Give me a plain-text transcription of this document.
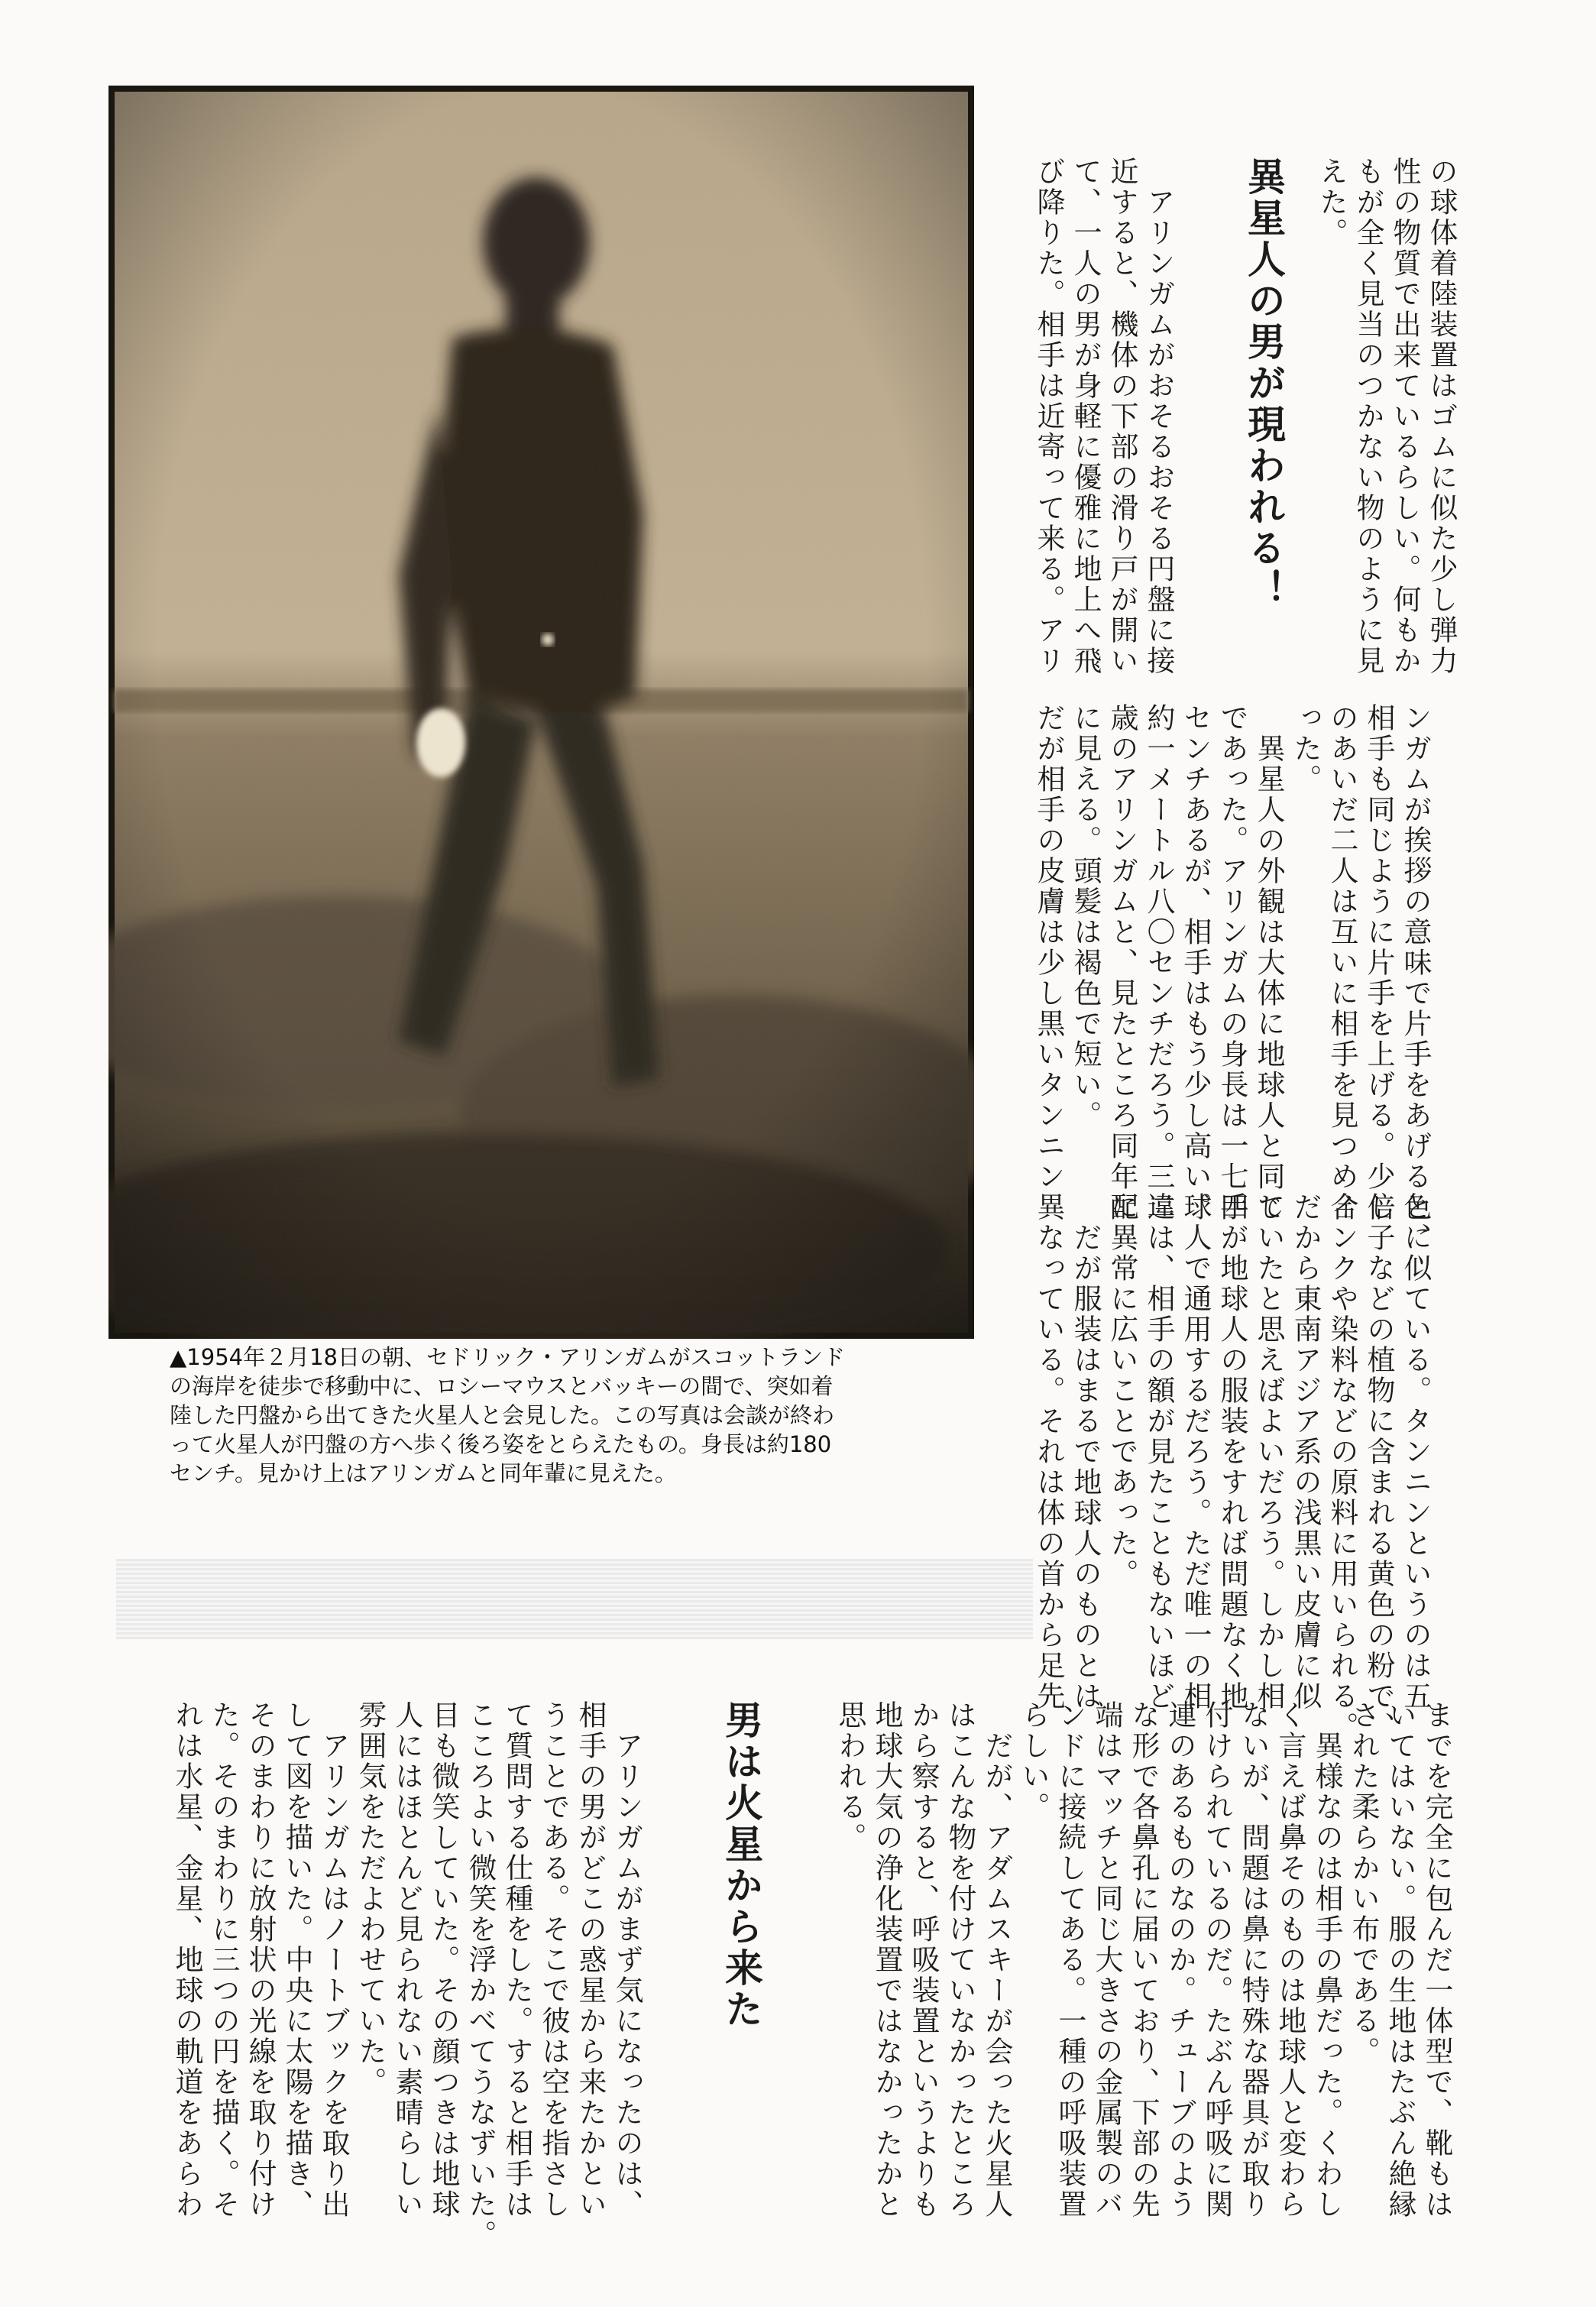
▲1954年２月18日の朝、セドリック・アリンガムがスコットランド
の海岸を徒歩で移動中に、ロシーマウスとバッキーの間で、突如着
陸した円盤から出てきた火星人と会見した。この写真は会談が終わ
って火星人が円盤の方へ歩く後ろ姿をとらえたもの。身長は約180
センチ。見かけ上はアリンガムと同年輩に見えた。
の球体着陸装置はゴムに似た少し弾力
性の物質で出来ているらしい。何もか
もが全く見当のつかない物のように見
えた。
異星人の男が現われる！
　アリンガムがおそるおそる円盤に接
近すると、機体の下部の滑り戸が開い
て、一人の男が身軽に優雅に地上へ飛
び降りた。相手は近寄って来る。アリ
ンガムが挨拶の意味で片手をあげると、
相手も同じように片手を上げる。少し
のあいだ二人は互いに相手を見つめ合
った。
　異星人の外観は大体に地球人と同じ
であった。アリンガムの身長は一七四
センチあるが、相手はもう少し高い。
約一メートル八〇センチだろう。三二
歳のアリンガムと、見たところ同年配
に見える。頭髪は褐色で短い。
だが相手の皮膚は少し黒いタンニン
色に似ている。タンニンというのは五
倍子などの植物に含まれる黄色の粉で、
インクや染料などの原料に用いられる。
だから東南アジア系の浅黒い皮膚に似
ていたと思えばよいだろう。しかし相
手が地球人の服装をすれば問題なく地
球人で通用するだろう。ただ唯一の相
違は、相手の額が見たこともないほど
に異常に広いことであった。
　だが服装はまるで地球人のものとは
異なっている。それは体の首から足先
までを完全に包んだ一体型で、靴もは
いてはいない。服の生地はたぶん絶縁
された柔らかい布である。
　異様なのは相手の鼻だった。くわし
く言えば鼻そのものは地球人と変わら
ないが、問題は鼻に特殊な器具が取り
付けられているのだ。たぶん呼吸に関
連のあるものなのか。チューブのよう
な形で各鼻孔に届いており、下部の先
端はマッチと同じ大きさの金属製のバ
ンドに接続してある。一種の呼吸装置
らしい。
　だが、アダムスキーが会った火星人
はこんな物を付けていなかったところ
から察すると、呼吸装置というよりも
地球大気の浄化装置ではなかったかと
思われる。
男は火星から来た
　アリンガムがまず気になったのは、
相手の男がどこの惑星から来たかとい
うことである。そこで彼は空を指さし
て質問する仕種をした。すると相手は
こころよい微笑を浮かべてうなずいた。
目も微笑していた。その顔つきは地球
人にはほとんど見られない素晴らしい
雰囲気をただよわせていた。
　アリンガムはノートブックを取り出
して図を描いた。中央に太陽を描き、
そのまわりに放射状の光線を取り付け
た。そのまわりに三つの円を描く。そ
れは水星、金星、地球の軌道をあらわ
